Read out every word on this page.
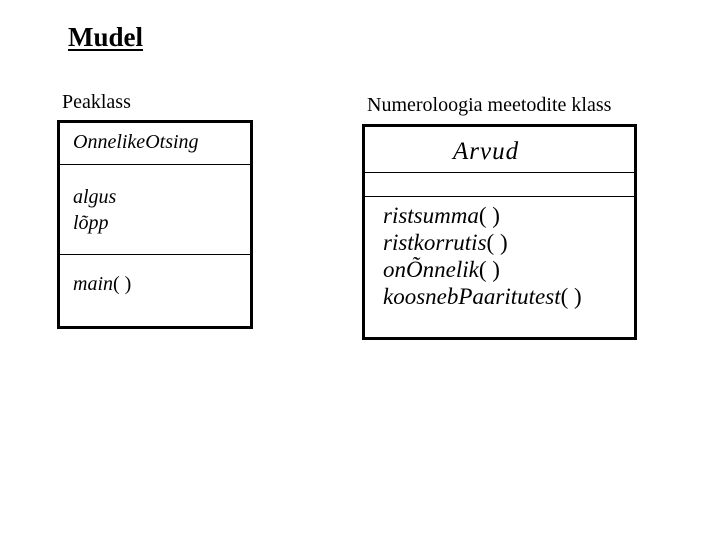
Mudel
Peaklass	Numeroloogia meetodite klass
OnnelikeOtsing
algus
lõpp
main( )
Arvud
ristsumma( )
ristkorrutis( )
onÕnnelik( )
koosnebPaaritutest( )
